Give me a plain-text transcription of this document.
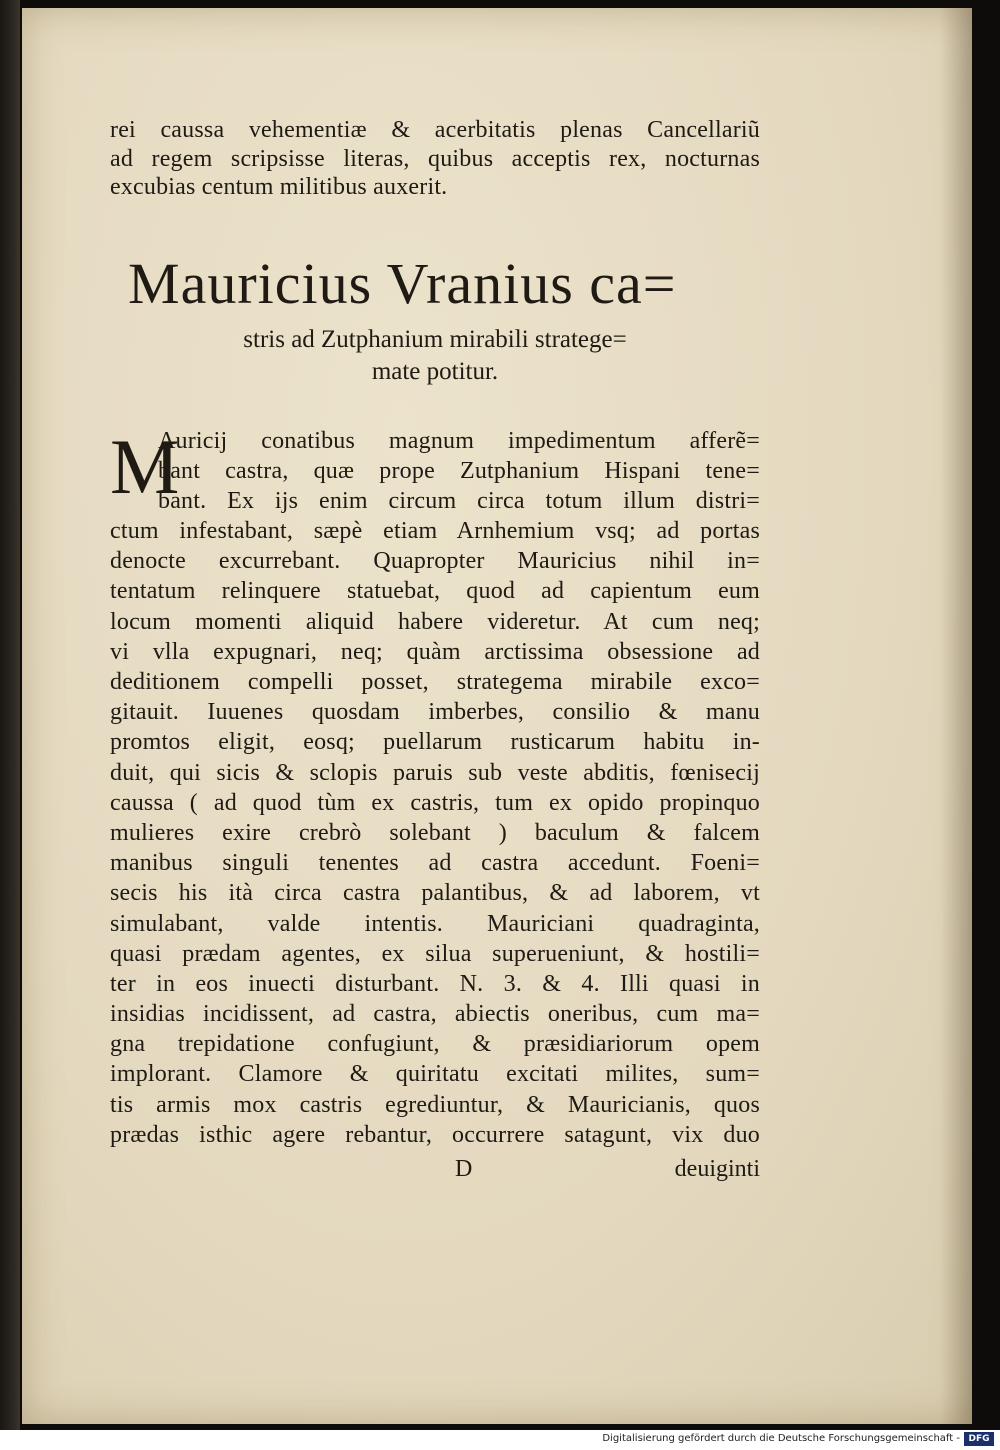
rei caussa vehementiæ & acerbitatis plenas Cancellariũ
ad regem scripsisse literas, quibus acceptis rex, nocturnas
excubias centum militibus auxerit.
Mauricius Vranius ca=
stris ad Zutphanium mirabili stratege=
mate potitur.
M
Auricij conatibus magnum impedimentum afferẽ=
bant castra, quæ prope Zutphanium Hispani tene=
bant. Ex ijs enim circum circa totum illum distri=
ctum infestabant, sæpè etiam Arnhemium vsq; ad portas
denocte excurrebant. Quapropter Mauricius nihil in=
tentatum relinquere statuebat, quod ad capientum eum
locum momenti aliquid habere videretur. At cum neq;
vi vlla expugnari, neq; quàm arctissima obsessione ad
deditionem compelli posset, strategema mirabile exco=
gitauit. Iuuenes quosdam imberbes, consilio & manu
promtos eligit, eosq; puellarum rusticarum habitu in-
duit, qui sicis & sclopis paruis sub veste abditis, fœnisecij
caussa ( ad quod tùm ex castris, tum ex opido propinquo
mulieres exire crebrò solebant ) baculum & falcem
manibus singuli tenentes ad castra accedunt. Foeni=
secis his ità circa castra palantibus, & ad laborem, vt
simulabant, valde intentis. Mauriciani quadraginta,
quasi prædam agentes, ex silua superueniunt, & hostili=
ter in eos inuecti disturbant. N. 3. & 4. Illi quasi in
insidias incidissent, ad castra, abiectis oneribus, cum ma=
gna trepidatione confugiunt, & præsidiariorum opem
implorant. Clamore & quiritatu excitati milites, sum=
tis armis mox castris egrediuntur, & Mauricianis, quos
prædas isthic agere rebantur, occurrere satagunt, vix duo
D	deuiginti
Digitalisierung gefördert durch die Deutsche Forschungsgemeinschaft - DFG
